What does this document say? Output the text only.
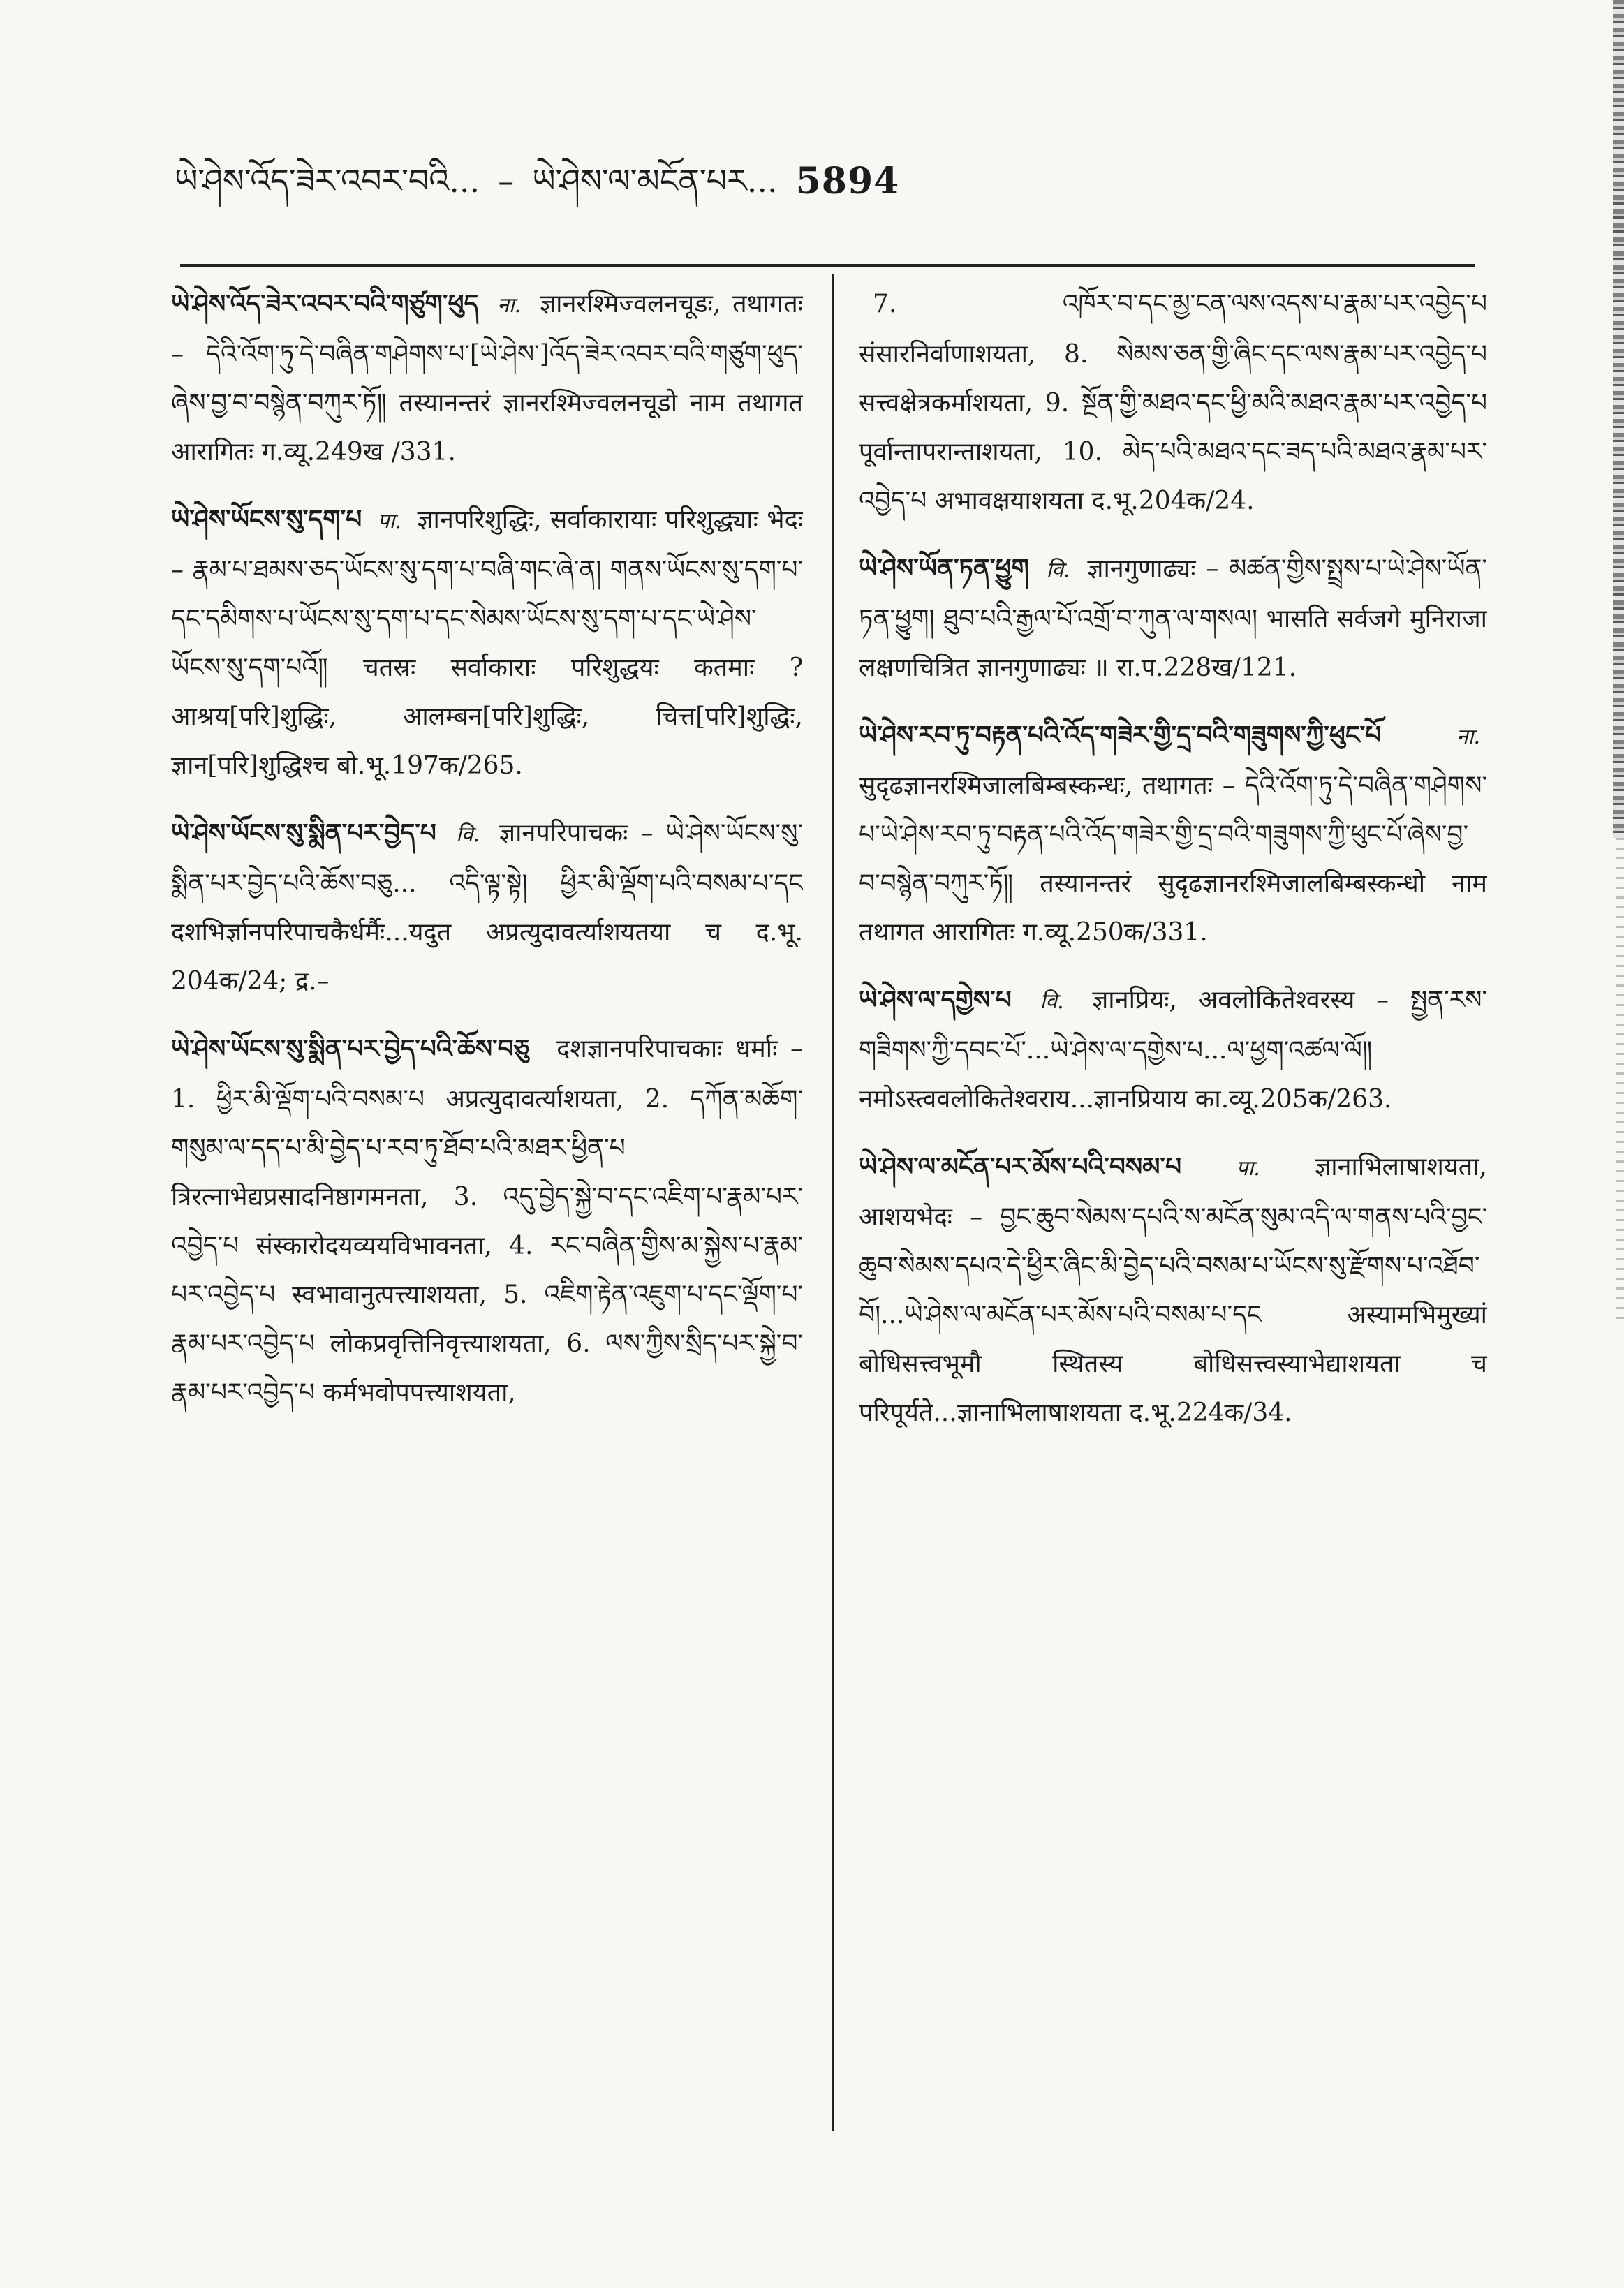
ཡེ་ཤེས་འོད་ཟེར་འབར་བའི... – ཡེ་ཤེས་ལ་མངོན་པར... 5894
ཡེ་ཤེས་འོད་ཟེར་འབར་བའི་གཙུག་ཕུད ना. ज्ञानरश्मिज्वलनचूडः, तथागतः – དེའི་འོག་ཏུ་དེ་བཞིན་གཤེགས་པ་[ཡེ་ཤེས་]འོད་ཟེར་འབར་བའི་གཙུག་ཕུད་ཞེས་བྱ་བ་བསྙེན་བཀུར་ཏོ༎ तस्यानन्तरं ज्ञानरश्मिज्वलनचूडो नाम तथागत आरागितः ग.व्यू.249ख /331.
ཡེ་ཤེས་ཡོངས་སུ་དག་པ पा. ज्ञानपरिशुद्धिः, सर्वाकारायाः परिशुद्ध्याः भेदः – རྣམ་པ་ཐམས་ཅད་ཡོངས་སུ་དག་པ་བཞི་གང་ཞེ་ན། གནས་ཡོངས་སུ་དག་པ་དང་དམིགས་པ་ཡོངས་སུ་དག་པ་དང་སེམས་ཡོངས་སུ་དག་པ་དང་ཡེ་ཤེས་ཡོངས་སུ་དག་པའོ༎ चतस्रः सर्वाकाराः परिशुद्धयः कतमाः ? आश्रय[परि]शुद्धिः, आलम्बन[परि]शुद्धिः, चित्त[परि]शुद्धिः, ज्ञान[परि]शुद्धिश्च बो.भू.197क/265.
ཡེ་ཤེས་ཡོངས་སུ་སྨིན་པར་བྱེད་པ वि. ज्ञानपरिपाचकः – ཡེ་ཤེས་ཡོངས་སུ་སྨིན་པར་བྱེད་པའི་ཆོས་བཅུ... འདི་ལྟ་སྟེ། ཕྱིར་མི་ལྡོག་པའི་བསམ་པ་དང दशभिर्ज्ञानपरिपाचकैर्धर्मैः...यदुत अप्रत्युदावर्त्याशयतया च द.भू. 204क/24; द्र.–
ཡེ་ཤེས་ཡོངས་སུ་སྨིན་པར་བྱེད་པའི་ཆོས་བཅུ दशज्ञानपरिपाचकाः धर्माः – 1. ཕྱིར་མི་ལྡོག་པའི་བསམ་པ अप्रत्युदावर्त्याशयता, 2. དཀོན་མཆོག་གསུམ་ལ་དད་པ་མི་བྱེད་པ་རབ་ཏུ་ཐོབ་པའི་མཐར་ཕྱིན་པ त्रिरत्नाभेद्यप्रसादनिष्ठागमनता, 3. འདུ་བྱེད་སྐྱེ་བ་དང་འཇིག་པ་རྣམ་པར་འབྱེད་པ संस्कारोदयव्ययविभावनता, 4. རང་བཞིན་གྱིས་མ་སྐྱེས་པ་རྣམ་པར་འབྱེད་པ स्वभावानुत्पत्त्याशयता, 5. འཇིག་རྟེན་འཇུག་པ་དང་ལྡོག་པ་རྣམ་པར་འབྱེད་པ लोकप्रवृत्तिनिवृत्त्याशयता, 6. ལས་ཀྱིས་སྲིད་པར་སྐྱེ་བ་རྣམ་པར་འབྱེད་པ कर्मभवोपपत्त्याशयता,
7. འཁོར་བ་དང་མྱ་ངན་ལས་འདས་པ་རྣམ་པར་འབྱེད་པ संसारनिर्वाणाशयता, 8. སེམས་ཅན་གྱི་ཞིང་དང་ལས་རྣམ་པར་འབྱེད་པ सत्त्वक्षेत्रकर्माशयता, 9. སྔོན་གྱི་མཐའ་དང་ཕྱི་མའི་མཐའ་རྣམ་པར་འབྱེད་པ पूर्वान्तापरान्ताशयता, 10. མེད་པའི་མཐའ་དང་ཟད་པའི་མཐའ་རྣམ་པར་འབྱེད་པ अभावक्षयाशयता द.भू.204क/24.
ཡེ་ཤེས་ཡོན་ཏན་ཕྱུག वि. ज्ञानगुणाढ्यः – མཚན་གྱིས་སྤྲས་པ་ཡེ་ཤེས་ཡོན་ཏན་ཕྱུག། ཐུབ་པའི་རྒྱལ་པོ་འགྲོ་བ་ཀུན་ལ་གསལ། भासति सर्वजगे मुनिराजा लक्षणचित्रित ज्ञानगुणाढ्यः ॥ रा.प.228ख/121.
ཡེ་ཤེས་རབ་ཏུ་བརྟན་པའི་འོད་གཟེར་གྱི་དྲ་བའི་གཟུགས་ཀྱི་ཕུང་པོ	ना. सुदृढज्ञानरश्मिजालबिम्बस्कन्धः, तथागतः – དེའི་འོག་ཏུ་དེ་བཞིན་གཤེགས་པ་ཡེ་ཤེས་རབ་ཏུ་བརྟན་པའི་འོད་གཟེར་གྱི་དྲ་བའི་གཟུགས་ཀྱི་ཕུང་པོ་ཞེས་བྱ་བ་བསྙེན་བཀུར་ཏོ༎ तस्यानन्तरं सुदृढज्ञानरश्मिजालबिम्बस्कन्धो नाम तथागत आरागितः ग.व्यू.250क/331.
ཡེ་ཤེས་ལ་དགྱེས་པ वि. ज्ञानप्रियः, अवलोकितेश्वरस्य – སྤྱན་རས་གཟིགས་ཀྱི་དབང་པོ་...ཡེ་ཤེས་ལ་དགྱེས་པ...ལ་ཕྱག་འཚལ་ལོ༎ नमोऽस्त्ववलोकितेश्वराय...ज्ञानप्रियाय का.व्यू.205क/263.
ཡེ་ཤེས་ལ་མངོན་པར་མོས་པའི་བསམ་པ	पा. ज्ञानाभिलाषाशयता, आशयभेदः – བྱང་ཆུབ་སེམས་དཔའི་ས་མངོན་སུམ་འདི་ལ་གནས་པའི་བྱང་ཆུབ་སེམས་དཔའ་དེ་ཕྱིར་ཞིང་མི་བྱེད་པའི་བསམ་པ་ཡོངས་སུ་རྫོགས་པ་འཐོབ་བོ།...ཡེ་ཤེས་ལ་མངོན་པར་མོས་པའི་བསམ་པ་དང अस्यामभिमुख्यां बोधिसत्त्वभूमौ स्थितस्य बोधिसत्त्वस्याभेद्याशयता च परिपूर्यते...ज्ञानाभिलाषाशयता द.भू.224क/34.
